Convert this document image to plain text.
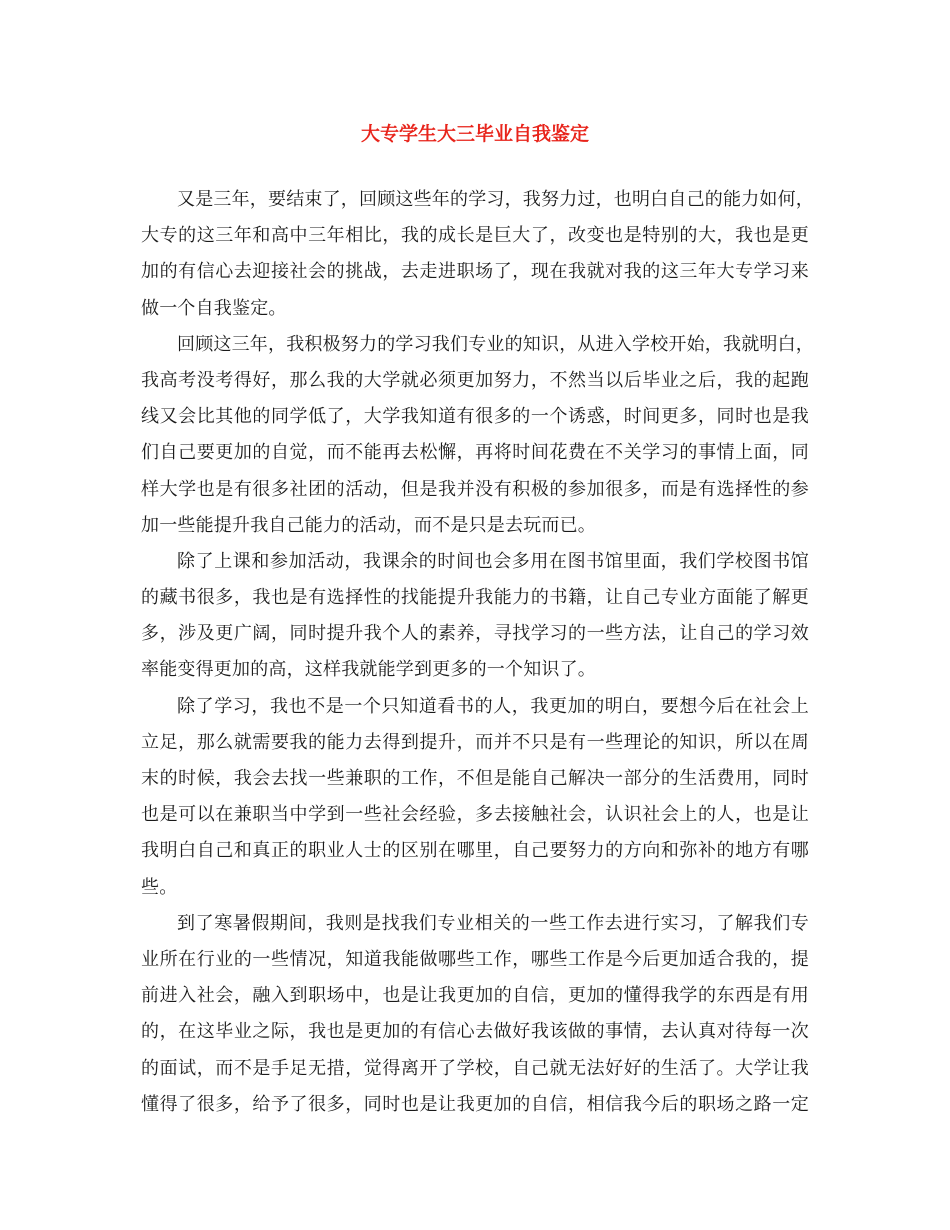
大专学生大三毕业自我鉴定
又是三年，要结束了，回顾这些年的学习，我努力过，也明白自己的能力如何，
大专的这三年和高中三年相比，我的成长是巨大了，改变也是特别的大，我也是更
加的有信心去迎接社会的挑战，去走进职场了，现在我就对我的这三年大专学习来
做一个自我鉴定。
回顾这三年，我积极努力的学习我们专业的知识，从进入学校开始，我就明白，
我高考没考得好，那么我的大学就必须更加努力，不然当以后毕业之后，我的起跑
线又会比其他的同学低了，大学我知道有很多的一个诱惑，时间更多，同时也是我
们自己要更加的自觉，而不能再去松懈，再将时间花费在不关学习的事情上面，同
样大学也是有很多社团的活动，但是我并没有积极的参加很多，而是有选择性的参
加一些能提升我自己能力的活动，而不是只是去玩而已。
除了上课和参加活动，我课余的时间也会多用在图书馆里面，我们学校图书馆
的藏书很多，我也是有选择性的找能提升我能力的书籍，让自己专业方面能了解更
多，涉及更广阔，同时提升我个人的素养，寻找学习的一些方法，让自己的学习效
率能变得更加的高，这样我就能学到更多的一个知识了。
除了学习，我也不是一个只知道看书的人，我更加的明白，要想今后在社会上
立足，那么就需要我的能力去得到提升，而并不只是有一些理论的知识，所以在周
末的时候，我会去找一些兼职的工作，不但是能自己解决一部分的生活费用，同时
也是可以在兼职当中学到一些社会经验，多去接触社会，认识社会上的人，也是让
我明白自己和真正的职业人士的区别在哪里，自己要努力的方向和弥补的地方有哪
些。
到了寒暑假期间，我则是找我们专业相关的一些工作去进行实习，了解我们专
业所在行业的一些情况，知道我能做哪些工作，哪些工作是今后更加适合我的，提
前进入社会，融入到职场中，也是让我更加的自信，更加的懂得我学的东西是有用
的，在这毕业之际，我也是更加的有信心去做好我该做的事情，去认真对待每一次
的面试，而不是手足无措，觉得离开了学校，自己就无法好好的生活了。大学让我
懂得了很多，给予了很多，同时也是让我更加的自信，相信我今后的职场之路一定
